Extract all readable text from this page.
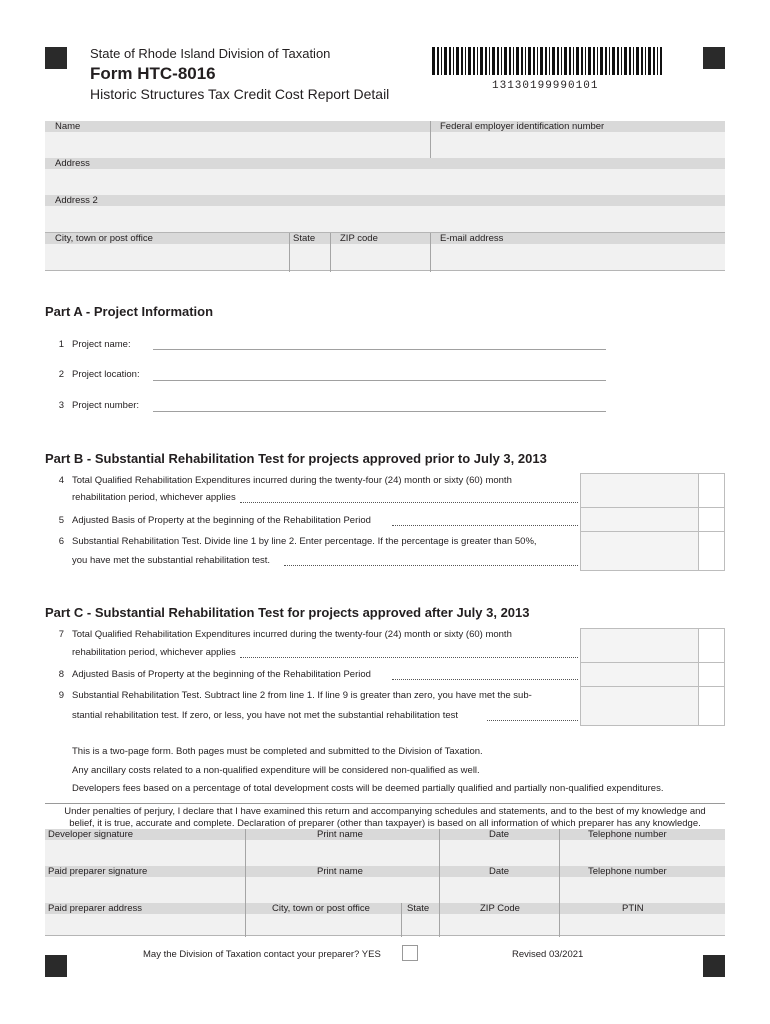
State of Rhode Island Division of Taxation
Form HTC-8016
Historic Structures Tax Credit Cost Report Detail	13130199990101
Name	Federal employer identification number
Address
Address 2
City, town or post office	State	ZIP code	E-mail address
Part A - Project Information
1 Project name:
2 Project location:
3 Project number:
Part B - Substantial Rehabilitation Test for projects approved prior to July 3, 2013
4 Total Qualified Rehabilitation Expenditures incurred during the twenty-four (24) month or sixty (60) month
rehabilitation period, whichever applies
5 Adjusted Basis of Property at the beginning of the Rehabilitation Period
6 Substantial Rehabilitation Test. Divide line 1 by line 2. Enter percentage. If the percentage is greater than 50%,
you have met the substantial rehabilitation test.
Part C - Substantial Rehabilitation Test for projects approved after July 3, 2013
7 Total Qualified Rehabilitation Expenditures incurred during the twenty-four (24) month or sixty (60) month
rehabilitation period, whichever applies
8 Adjusted Basis of Property at the beginning of the Rehabilitation Period
9 Substantial Rehabilitation Test. Subtract line 2 from line 1. If line 9 is greater than zero, you have met the sub-
stantial rehabilitation test. If zero, or less, you have not met the substantial rehabilitation test
This is a two-page form. Both pages must be completed and submitted to the Division of Taxation.
Any ancillary costs related to a non-qualified expenditure will be considered non-qualified as well.
Developers fees based on a percentage of total development costs will be deemed partially qualified and partially non-qualified expenditures.
Under penalties of perjury, I declare that I have examined this return and accompanying schedules and statements, and to the best of my knowledge and
belief, it is true, accurate and complete. Declaration of preparer (other than taxpayer) is based on all information of which preparer has any knowledge.
Developer signature	Print name	Date	Telephone number
Paid preparer signature	Print name	Date	Telephone number
Paid preparer address	City, town or post office	State	ZIP Code	PTIN
May the Division of Taxation contact your preparer? YES	Revised 03/2021
